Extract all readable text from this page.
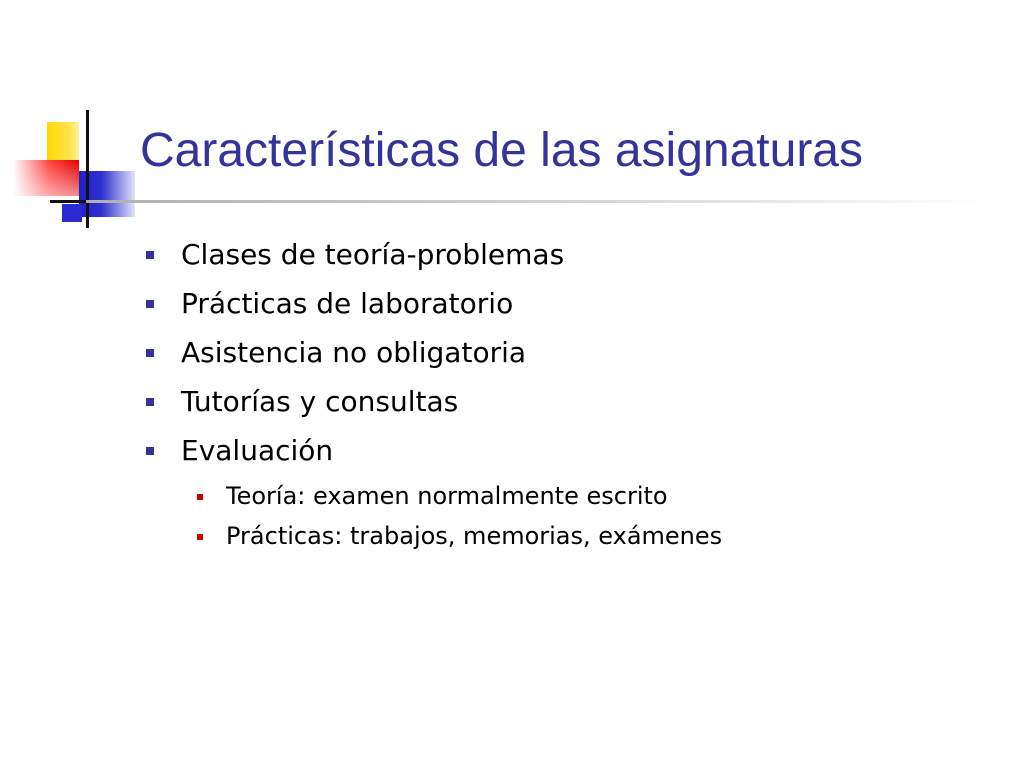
Características de las asignaturas
Clases de teoría-problemas
Prácticas de laboratorio
Asistencia no obligatoria
Tutorías y consultas
Evaluación
Teoría: examen normalmente escrito
Prácticas: trabajos, memorias, exámenes
